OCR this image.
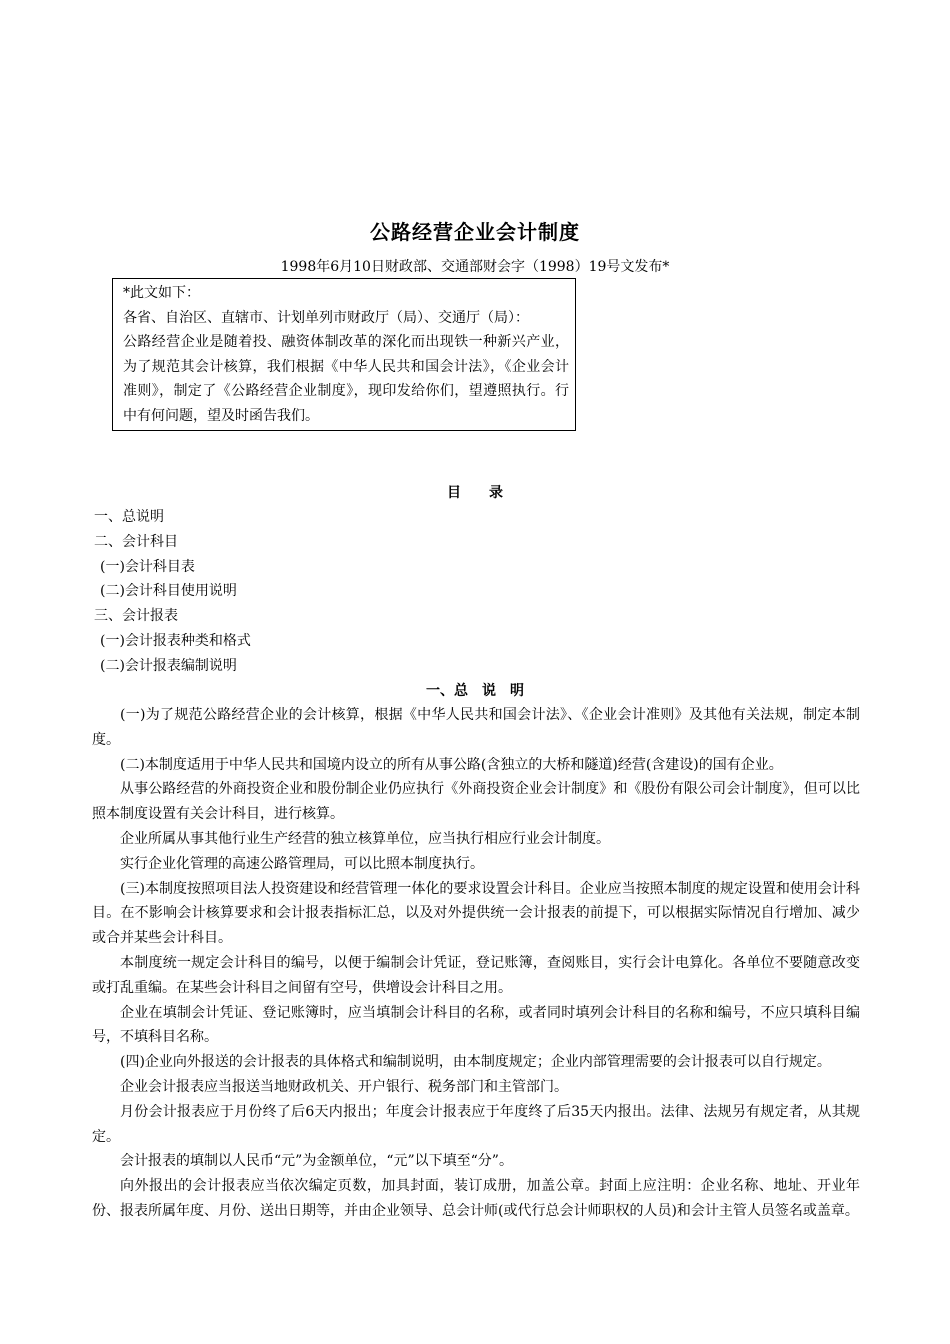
公路经营企业会计制度
1998年6月10日财政部、交通部财会字（1998）19号文发布*

*此文如下：

各省、自治区、直辖市、计划单列市财政厅（局）、交通厅（局）：

公路经营企业是随着投、融资体制改革的深化而出现铁一种新兴产业，为了规范其会计核算，我们根据《中华人民共和国会计法》，《企业会计准则》，制定了《公路经营企业制度》，现印发给你们，望遵照执行。行中有何问题，望及时函告我们。

目　　录
一、总说明
二、会计科目
(一)会计科目表
(二)会计科目使用说明
三、会计报表
(一)会计报表种类和格式
(二)会计报表编制说明
一、总　说　明

(一)为了规范公路经营企业的会计核算，根据《中华人民共和国会计法》、《企业会计准则》及其他有关法规，制定本制度。

(二)本制度适用于中华人民共和国境内设立的所有从事公路(含独立的大桥和隧道)经营(含建设)的国有企业。

从事公路经营的外商投资企业和股份制企业仍应执行《外商投资企业会计制度》和《股份有限公司会计制度》，但可以比照本制度设置有关会计科目，进行核算。

企业所属从事其他行业生产经营的独立核算单位，应当执行相应行业会计制度。

实行企业化管理的高速公路管理局，可以比照本制度执行。

(三)本制度按照项目法人投资建设和经营管理一体化的要求设置会计科目。企业应当按照本制度的规定设置和使用会计科目。在不影响会计核算要求和会计报表指标汇总，以及对外提供统一会计报表的前提下，可以根据实际情况自行增加、减少或合并某些会计科目。

本制度统一规定会计科目的编号，以便于编制会计凭证，登记账簿，查阅账目，实行会计电算化。各单位不要随意改变或打乱重编。在某些会计科目之间留有空号，供增设会计科目之用。

企业在填制会计凭证、登记账簿时，应当填制会计科目的名称，或者同时填列会计科目的名称和编号，不应只填科目编号，不填科目名称。

(四)企业向外报送的会计报表的具体格式和编制说明，由本制度规定；企业内部管理需要的会计报表可以自行规定。

企业会计报表应当报送当地财政机关、开户银行、税务部门和主管部门。

月份会计报表应于月份终了后6天内报出；年度会计报表应于年度终了后35天内报出。法律、法规另有规定者，从其规定。

会计报表的填制以人民币“元”为金额单位，“元”以下填至“分”。

向外报出的会计报表应当依次编定页数，加具封面，装订成册，加盖公章。封面上应注明：企业名称、地址、开业年份、报表所属年度、月份、送出日期等，并由企业领导、总会计师(或代行总会计师职权的人员)和会计主管人员签名或盖章。
